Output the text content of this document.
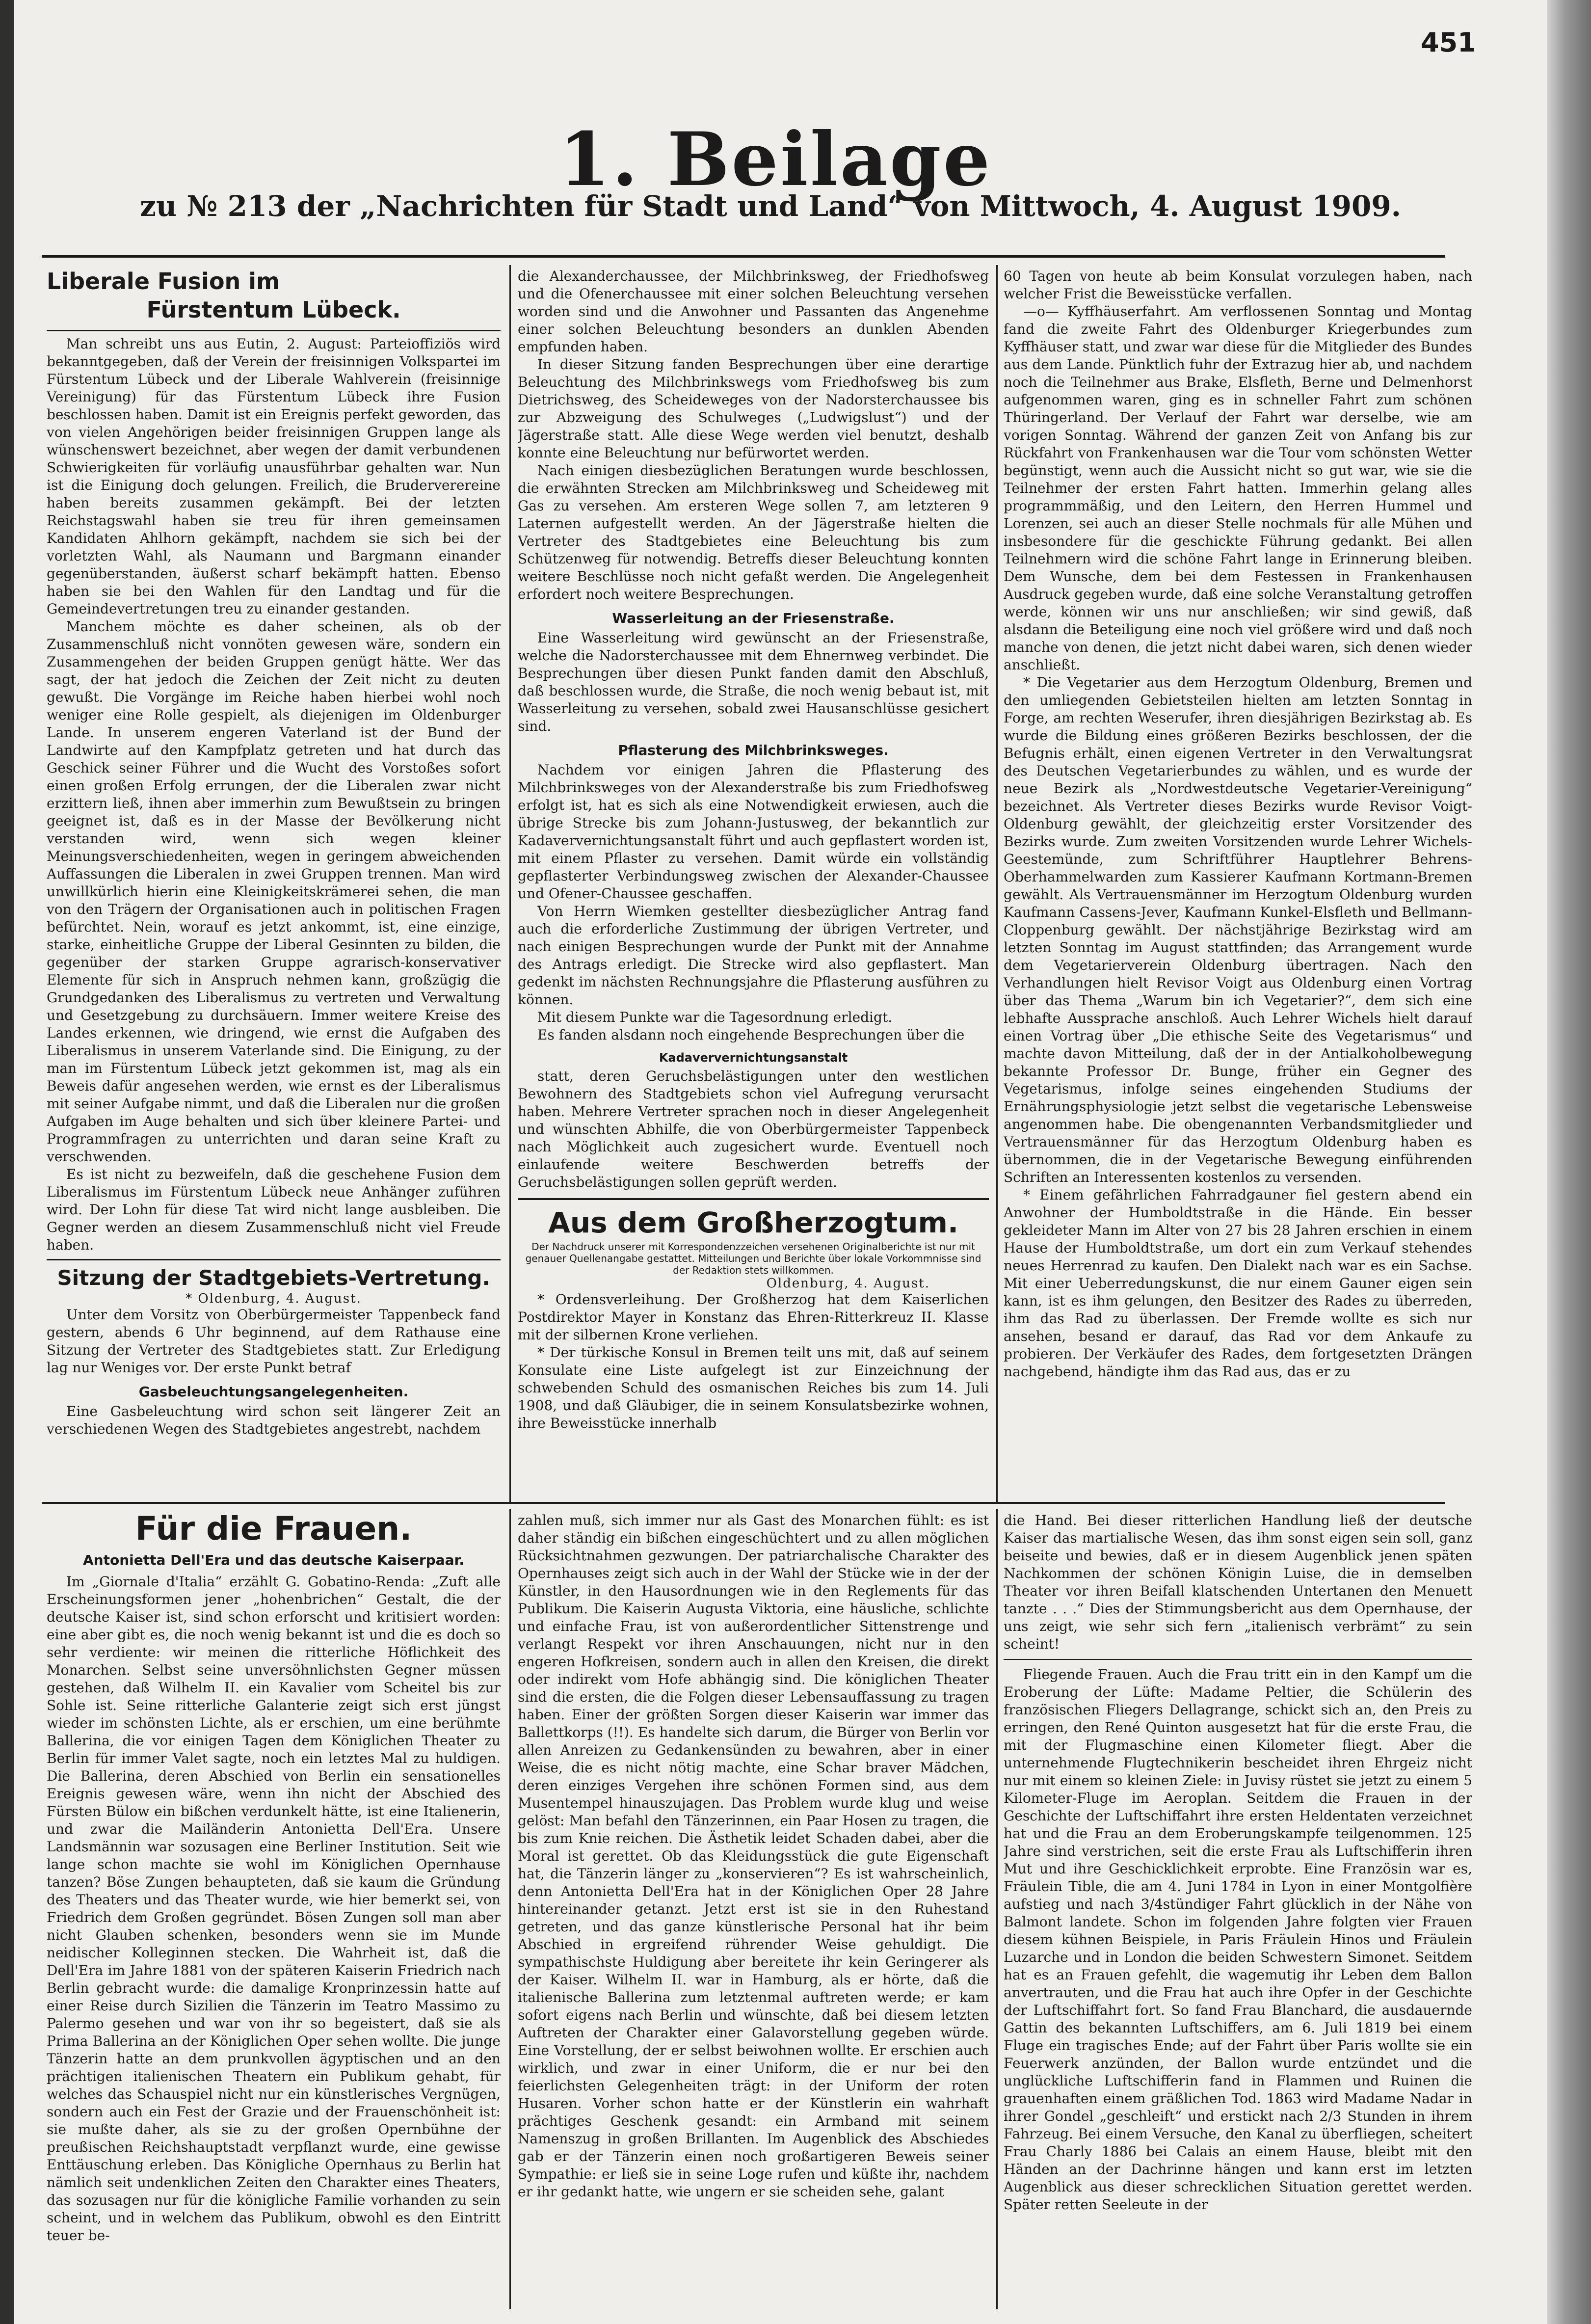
451
1. Beilage
zu № 213 der „Nachrichten für Stadt und Land“ von Mittwoch, 4. August 1909.
Liberale Fusion im
Fürstentum Lübeck.

Man schreibt uns aus Eutin, 2. August: Parteioffiziös wird bekanntgegeben, daß der Verein der freisinnigen Volkspartei im Fürstentum Lübeck und der Liberale Wahlverein (freisinnige Vereinigung) für das Fürstentum Lübeck ihre Fusion beschlossen haben. Damit ist ein Ereignis perfekt geworden, das von vielen Angehörigen beider freisinnigen Gruppen lange als wünschenswert bezeichnet, aber wegen der damit verbundenen Schwierigkeiten für vorläufig unausführbar gehalten war. Nun ist die Einigung doch gelungen. Freilich, die Bruderverereine haben bereits zusammen gekämpft. Bei der letzten Reichstagswahl haben sie treu für ihren gemeinsamen Kandidaten Ahlhorn gekämpft, nachdem sie sich bei der vorletzten Wahl, als Naumann und Bargmann einander gegenüberstanden, äußerst scharf bekämpft hatten. Ebenso haben sie bei den Wahlen für den Landtag und für die Gemeindevertretungen treu zu einander gestanden.

Manchem möchte es daher scheinen, als ob der Zusammenschluß nicht vonnöten gewesen wäre, sondern ein Zusammengehen der beiden Gruppen genügt hätte. Wer das sagt, der hat jedoch die Zeichen der Zeit nicht zu deuten gewußt. Die Vorgänge im Reiche haben hierbei wohl noch weniger eine Rolle gespielt, als diejenigen im Oldenburger Lande. In unserem engeren Vaterland ist der Bund der Landwirte auf den Kampfplatz getreten und hat durch das Geschick seiner Führer und die Wucht des Vorstoßes sofort einen großen Erfolg errungen, der die Liberalen zwar nicht erzittern ließ, ihnen aber immerhin zum Bewußtsein zu bringen geeignet ist, daß es in der Masse der Bevölkerung nicht verstanden wird, wenn sich wegen kleiner Meinungsverschiedenheiten, wegen in geringem abweichenden Auffassungen die Liberalen in zwei Gruppen trennen. Man wird unwillkürlich hierin eine Kleinigkeitskrämerei sehen, die man von den Trägern der Organisationen auch in politischen Fragen befürchtet. Nein, worauf es jetzt ankommt, ist, eine einzige, starke, einheitliche Gruppe der Liberal Gesinnten zu bilden, die gegenüber der starken Gruppe agrarisch-konservativer Elemente für sich in Anspruch nehmen kann, großzügig die Grundgedanken des Liberalismus zu vertreten und Verwaltung und Gesetzgebung zu durchsäuern. Immer weitere Kreise des Landes erkennen, wie dringend, wie ernst die Aufgaben des Liberalismus in unserem Vaterlande sind. Die Einigung, zu der man im Fürstentum Lübeck jetzt gekommen ist, mag als ein Beweis dafür angesehen werden, wie ernst es der Liberalismus mit seiner Aufgabe nimmt, und daß die Liberalen nur die großen Aufgaben im Auge behalten und sich über kleinere Partei- und Programmfragen zu unterrichten und daran seine Kraft zu verschwenden.

Es ist nicht zu bezweifeln, daß die geschehene Fusion dem Liberalismus im Fürstentum Lübeck neue Anhänger zuführen wird. Der Lohn für diese Tat wird nicht lange ausbleiben. Die Gegner werden an diesem Zusammenschluß nicht viel Freude haben.

Sitzung der Stadtgebiets-Vertretung.
* Oldenburg, 4. August.

Unter dem Vorsitz von Oberbürgermeister Tappenbeck fand gestern, abends 6 Uhr beginnend, auf dem Rathause eine Sitzung der Vertreter des Stadtgebietes statt. Zur Erledigung lag nur Weniges vor. Der erste Punkt betraf

Gasbeleuchtungsangelegenheiten.

Eine Gasbeleuchtung wird schon seit längerer Zeit an verschiedenen Wegen des Stadtgebietes angestrebt, nachdem

die Alexanderchaussee, der Milchbrinksweg, der Friedhofsweg und die Ofenerchaussee mit einer solchen Beleuchtung versehen worden sind und die Anwohner und Passanten das Angenehme einer solchen Beleuchtung besonders an dunklen Abenden empfunden haben.

In dieser Sitzung fanden Besprechungen über eine derartige Beleuchtung des Milchbrinkswegs vom Friedhofsweg bis zum Dietrichsweg, des Scheideweges von der Nadorsterchaussee bis zur Abzweigung des Schulweges („Ludwigslust“) und der Jägerstraße statt. Alle diese Wege werden viel benutzt, deshalb konnte eine Beleuchtung nur befürwortet werden.

Nach einigen diesbezüglichen Beratungen wurde beschlossen, die erwähnten Strecken am Milchbrinksweg und Scheideweg mit Gas zu versehen. Am ersteren Wege sollen 7, am letzteren 9 Laternen aufgestellt werden. An der Jägerstraße hielten die Vertreter des Stadtgebietes eine Beleuchtung bis zum Schützenweg für notwendig. Betreffs dieser Beleuchtung konnten weitere Beschlüsse noch nicht gefaßt werden. Die Angelegenheit erfordert noch weitere Besprechungen.

Wasserleitung an der Friesenstraße.

Eine Wasserleitung wird gewünscht an der Friesenstraße, welche die Nadorsterchaussee mit dem Ehnernweg verbindet. Die Besprechungen über diesen Punkt fanden damit den Abschluß, daß beschlossen wurde, die Straße, die noch wenig bebaut ist, mit Wasserleitung zu versehen, sobald zwei Hausanschlüsse gesichert sind.

Pflasterung des Milchbrinksweges.

Nachdem vor einigen Jahren die Pflasterung des Milchbrinksweges von der Alexanderstraße bis zum Friedhofsweg erfolgt ist, hat es sich als eine Notwendigkeit erwiesen, auch die übrige Strecke bis zum Johann-Justusweg, der bekanntlich zur Kadaververnichtungsanstalt führt und auch gepflastert worden ist, mit einem Pflaster zu versehen. Damit würde ein vollständig gepflasterter Verbindungsweg zwischen der Alexander-Chaussee und Ofener-Chaussee geschaffen.

Von Herrn Wiemken gestellter diesbezüglicher Antrag fand auch die erforderliche Zustimmung der übrigen Vertreter, und nach einigen Besprechungen wurde der Punkt mit der Annahme des Antrags erledigt. Die Strecke wird also gepflastert. Man gedenkt im nächsten Rechnungsjahre die Pflasterung ausführen zu können.

Mit diesem Punkte war die Tagesordnung erledigt.

Es fanden alsdann noch eingehende Besprechungen über die

Kadaververnichtungsanstalt

statt, deren Geruchsbelästigungen unter den westlichen Bewohnern des Stadtgebiets schon viel Aufregung verursacht haben. Mehrere Vertreter sprachen noch in dieser Angelegenheit und wünschten Abhilfe, die von Oberbürgermeister Tappenbeck nach Möglichkeit auch zugesichert wurde. Eventuell noch einlaufende weitere Beschwerden betreffs der Geruchsbelästigungen sollen geprüft werden.

Aus dem Großherzogtum.
Der Nachdruck unserer mit Korrespondenzzeichen versehenen Originalberichte ist nur mit genauer Quellenangabe gestattet. Mitteilungen und Berichte über lokale Vorkommnisse sind der Redaktion stets willkommen.
Oldenburg, 4. August.

* Ordensverleihung. Der Großherzog hat dem Kaiserlichen Postdirektor Mayer in Konstanz das Ehren-Ritterkreuz II. Klasse mit der silbernen Krone verliehen.

* Der türkische Konsul in Bremen teilt uns mit, daß auf seinem Konsulate eine Liste aufgelegt ist zur Einzeichnung der schwebenden Schuld des osmanischen Reiches bis zum 14. Juli 1908, und daß Gläubiger, die in seinem Konsulatsbezirke wohnen, ihre Beweisstücke innerhalb

60 Tagen von heute ab beim Konsulat vorzulegen haben, nach welcher Frist die Beweisstücke verfallen.

—o— Kyffhäuserfahrt. Am verflossenen Sonntag und Montag fand die zweite Fahrt des Oldenburger Kriegerbundes zum Kyffhäuser statt, und zwar war diese für die Mitglieder des Bundes aus dem Lande. Pünktlich fuhr der Extrazug hier ab, und nachdem noch die Teilnehmer aus Brake, Elsfleth, Berne und Delmenhorst aufgenommen waren, ging es in schneller Fahrt zum schönen Thüringerland. Der Verlauf der Fahrt war derselbe, wie am vorigen Sonntag. Während der ganzen Zeit von Anfang bis zur Rückfahrt von Frankenhausen war die Tour vom schönsten Wetter begünstigt, wenn auch die Aussicht nicht so gut war, wie sie die Teilnehmer der ersten Fahrt hatten. Immerhin gelang alles programmmäßig, und den Leitern, den Herren Hummel und Lorenzen, sei auch an dieser Stelle nochmals für alle Mühen und insbesondere für die geschickte Führung gedankt. Bei allen Teilnehmern wird die schöne Fahrt lange in Erinnerung bleiben. Dem Wunsche, dem bei dem Festessen in Frankenhausen Ausdruck gegeben wurde, daß eine solche Veranstaltung getroffen werde, können wir uns nur anschließen; wir sind gewiß, daß alsdann die Beteiligung eine noch viel größere wird und daß noch manche von denen, die jetzt nicht dabei waren, sich denen wieder anschließt.

* Die Vegetarier aus dem Herzogtum Oldenburg, Bremen und den umliegenden Gebietsteilen hielten am letzten Sonntag in Forge, am rechten Weserufer, ihren diesjährigen Bezirkstag ab. Es wurde die Bildung eines größeren Bezirks beschlossen, der die Befugnis erhält, einen eigenen Vertreter in den Verwaltungsrat des Deutschen Vegetarierbundes zu wählen, und es wurde der neue Bezirk als „Nordwestdeutsche Vegetarier-Vereinigung“ bezeichnet. Als Vertreter dieses Bezirks wurde Revisor Voigt-Oldenburg gewählt, der gleichzeitig erster Vorsitzender des Bezirks wurde. Zum zweiten Vorsitzenden wurde Lehrer Wichels-Geestemünde, zum Schriftführer Hauptlehrer Behrens-Oberhammelwarden zum Kassierer Kaufmann Kortmann-Bremen gewählt. Als Vertrauensmänner im Herzogtum Oldenburg wurden Kaufmann Cassens-Jever, Kaufmann Kunkel-Elsfleth und Bellmann-Cloppenburg gewählt. Der nächstjährige Bezirkstag wird am letzten Sonntag im August stattfinden; das Arrangement wurde dem Vegetarierverein Oldenburg übertragen. Nach den Verhandlungen hielt Revisor Voigt aus Oldenburg einen Vortrag über das Thema „Warum bin ich Vegetarier?“, dem sich eine lebhafte Aussprache anschloß. Auch Lehrer Wichels hielt darauf einen Vortrag über „Die ethische Seite des Vegetarismus“ und machte davon Mitteilung, daß der in der Antialkoholbewegung bekannte Professor Dr. Bunge, früher ein Gegner des Vegetarismus, infolge seines eingehenden Studiums der Ernährungsphysiologie jetzt selbst die vegetarische Lebensweise angenommen habe. Die obengenannten Verbandsmitglieder und Vertrauensmänner für das Herzogtum Oldenburg haben es übernommen, die in der Vegetarische Bewegung einführenden Schriften an Interessenten kostenlos zu versenden.

* Einem gefährlichen Fahrradgauner fiel gestern abend ein Anwohner der Humboldtstraße in die Hände. Ein besser gekleideter Mann im Alter von 27 bis 28 Jahren erschien in einem Hause der Humboldtstraße, um dort ein zum Verkauf stehendes neues Herrenrad zu kaufen. Den Dialekt nach war es ein Sachse. Mit einer Ueberredungskunst, die nur einem Gauner eigen sein kann, ist es ihm gelungen, den Besitzer des Rades zu überreden, ihm das Rad zu überlassen. Der Fremde wollte es sich nur ansehen, besand er darauf, das Rad vor dem Ankaufe zu probieren. Der Verkäufer des Rades, dem fortgesetzten Drängen nachgebend, händigte ihm das Rad aus, das er zu

Für die Frauen.
Antonietta Dell'Era und das deutsche Kaiserpaar.

Im „Giornale d'Italia“ erzählt G. Gobatino-Renda: „Zuft alle Erscheinungsformen jener „hohenbrichen“ Gestalt, die der deutsche Kaiser ist, sind schon erforscht und kritisiert worden: eine aber gibt es, die noch wenig bekannt ist und die es doch so sehr verdiente: wir meinen die ritterliche Höflichkeit des Monarchen. Selbst seine unversöhnlichsten Gegner müssen gestehen, daß Wilhelm II. ein Kavalier vom Scheitel bis zur Sohle ist. Seine ritterliche Galanterie zeigt sich erst jüngst wieder im schönsten Lichte, als er erschien, um eine berühmte Ballerina, die vor einigen Tagen dem Königlichen Theater zu Berlin für immer Valet sagte, noch ein letztes Mal zu huldigen. Die Ballerina, deren Abschied von Berlin ein sensationelles Ereignis gewesen wäre, wenn ihn nicht der Abschied des Fürsten Bülow ein bißchen verdunkelt hätte, ist eine Italienerin, und zwar die Mailänderin Antonietta Dell'Era. Unsere Landsmännin war sozusagen eine Berliner Institution. Seit wie lange schon machte sie wohl im Königlichen Opernhause tanzen? Böse Zungen behaupteten, daß sie kaum die Gründung des Theaters und das Theater wurde, wie hier bemerkt sei, von Friedrich dem Großen gegründet. Bösen Zungen soll man aber nicht Glauben schenken, besonders wenn sie im Munde neidischer Kolleginnen stecken. Die Wahrheit ist, daß die Dell'Era im Jahre 1881 von der späteren Kaiserin Friedrich nach Berlin gebracht wurde: die damalige Kronprinzessin hatte auf einer Reise durch Sizilien die Tänzerin im Teatro Massimo zu Palermo gesehen und war von ihr so begeistert, daß sie als Prima Ballerina an der Königlichen Oper sehen wollte. Die junge Tänzerin hatte an dem prunkvollen ägyptischen und an den prächtigen italienischen Theatern ein Publikum gehabt, für welches das Schauspiel nicht nur ein künstlerisches Vergnügen, sondern auch ein Fest der Grazie und der Frauenschönheit ist: sie mußte daher, als sie zu der großen Opernbühne der preußischen Reichshauptstadt verpflanzt wurde, eine gewisse Enttäuschung erleben. Das Königliche Opernhaus zu Berlin hat nämlich seit undenklichen Zeiten den Charakter eines Theaters, das sozusagen nur für die königliche Familie vorhanden zu sein scheint, und in welchem das Publikum, obwohl es den Eintritt teuer be-

zahlen muß, sich immer nur als Gast des Monarchen fühlt: es ist daher ständig ein bißchen eingeschüchtert und zu allen möglichen Rücksichtnahmen gezwungen. Der patriarchalische Charakter des Opernhauses zeigt sich auch in der Wahl der Stücke wie in der der Künstler, in den Hausordnungen wie in den Reglements für das Publikum. Die Kaiserin Augusta Viktoria, eine häusliche, schlichte und einfache Frau, ist von außerordentlicher Sittenstrenge und verlangt Respekt vor ihren Anschauungen, nicht nur in den engeren Hofkreisen, sondern auch in allen den Kreisen, die direkt oder indirekt vom Hofe abhängig sind. Die königlichen Theater sind die ersten, die die Folgen dieser Lebensauffassung zu tragen haben. Einer der größten Sorgen dieser Kaiserin war immer das Ballettkorps (!!). Es handelte sich darum, die Bürger von Berlin vor allen Anreizen zu Gedankensünden zu bewahren, aber in einer Weise, die es nicht nötig machte, eine Schar braver Mädchen, deren einziges Vergehen ihre schönen Formen sind, aus dem Musentempel hinauszujagen. Das Problem wurde klug und weise gelöst: Man befahl den Tänzerinnen, ein Paar Hosen zu tragen, die bis zum Knie reichen. Die Ästhetik leidet Schaden dabei, aber die Moral ist gerettet. Ob das Kleidungsstück die gute Eigenschaft hat, die Tänzerin länger zu „konservieren“? Es ist wahrscheinlich, denn Antonietta Dell'Era hat in der Königlichen Oper 28 Jahre hintereinander getanzt. Jetzt erst ist sie in den Ruhestand getreten, und das ganze künstlerische Personal hat ihr beim Abschied in ergreifend rührender Weise gehuldigt. Die sympathischste Huldigung aber bereitete ihr kein Geringerer als der Kaiser. Wilhelm II. war in Hamburg, als er hörte, daß die italienische Ballerina zum letztenmal auftreten werde; er kam sofort eigens nach Berlin und wünschte, daß bei diesem letzten Auftreten der Charakter einer Galavorstellung gegeben würde. Eine Vorstellung, der er selbst beiwohnen wollte. Er erschien auch wirklich, und zwar in einer Uniform, die er nur bei den feierlichsten Gelegenheiten trägt: in der Uniform der roten Husaren. Vorher schon hatte er der Künstlerin ein wahrhaft prächtiges Geschenk gesandt: ein Armband mit seinem Namenszug in großen Brillanten. Im Augenblick des Abschiedes gab er der Tänzerin einen noch großartigeren Beweis seiner Sympathie: er ließ sie in seine Loge rufen und küßte ihr, nachdem er ihr gedankt hatte, wie ungern er sie scheiden sehe, galant

die Hand. Bei dieser ritterlichen Handlung ließ der deutsche Kaiser das martialische Wesen, das ihm sonst eigen sein soll, ganz beiseite und bewies, daß er in diesem Augenblick jenen späten Nachkommen der schönen Königin Luise, die in demselben Theater vor ihren Beifall klatschenden Untertanen den Menuett tanzte . . .“ Dies der Stimmungsbericht aus dem Opernhause, der uns zeigt, wie sehr sich fern „italienisch verbrämt“ zu sein scheint!

Fliegende Frauen. Auch die Frau tritt ein in den Kampf um die Eroberung der Lüfte: Madame Peltier, die Schülerin des französischen Fliegers Dellagrange, schickt sich an, den Preis zu erringen, den René Quinton ausgesetzt hat für die erste Frau, die mit der Flugmaschine einen Kilometer fliegt. Aber die unternehmende Flugtechnikerin bescheidet ihren Ehrgeiz nicht nur mit einem so kleinen Ziele: in Juvisy rüstet sie jetzt zu einem 5 Kilometer-Fluge im Aeroplan. Seitdem die Frauen in der Geschichte der Luftschiffahrt ihre ersten Heldentaten verzeichnet hat und die Frau an dem Eroberungskampfe teilgenommen. 125 Jahre sind verstrichen, seit die erste Frau als Luftschifferin ihren Mut und ihre Geschicklichkeit erprobte. Eine Französin war es, Fräulein Tible, die am 4. Juni 1784 in Lyon in einer Montgolfière aufstieg und nach 3/4stündiger Fahrt glücklich in der Nähe von Balmont landete. Schon im folgenden Jahre folgten vier Frauen diesem kühnen Beispiele, in Paris Fräulein Hinos und Fräulein Luzarche und in London die beiden Schwestern Simonet. Seitdem hat es an Frauen gefehlt, die wagemutig ihr Leben dem Ballon anvertrauten, und die Frau hat auch ihre Opfer in der Geschichte der Luftschiffahrt fort. So fand Frau Blanchard, die ausdauernde Gattin des bekannten Luftschiffers, am 6. Juli 1819 bei einem Fluge ein tragisches Ende; auf der Fahrt über Paris wollte sie ein Feuerwerk anzünden, der Ballon wurde entzündet und die unglückliche Luftschifferin fand in Flammen und Ruinen die grauenhaften einem gräßlichen Tod. 1863 wird Madame Nadar in ihrer Gondel „geschleift“ und erstickt nach 2/3 Stunden in ihrem Fahrzeug. Bei einem Versuche, den Kanal zu überfliegen, scheitert Frau Charly 1886 bei Calais an einem Hause, bleibt mit den Händen an der Dachrinne hängen und kann erst im letzten Augenblick aus dieser schrecklichen Situation gerettet werden. Später retten Seeleute in der
